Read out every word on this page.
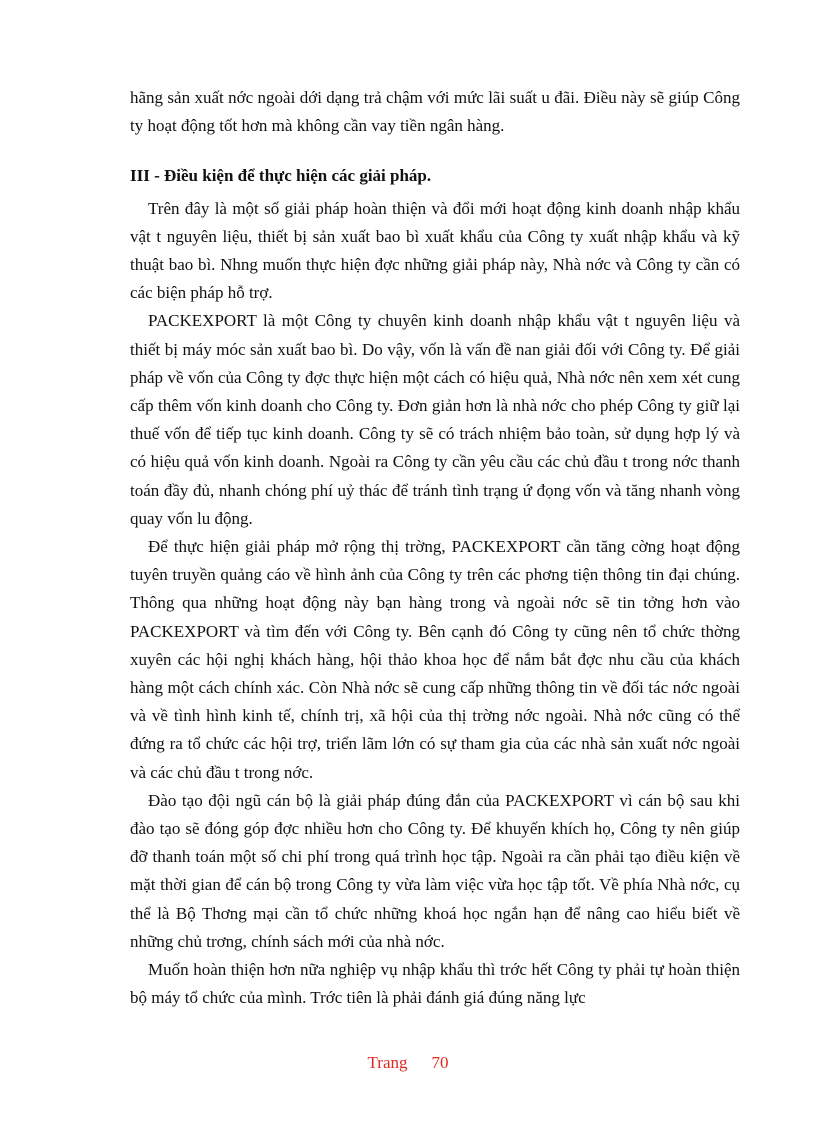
hãng sản xuất nớc ngoài dới dạng trả chậm với mức lãi suất u đãi. Điều này sẽ giúp Công ty hoạt động tốt hơn mà không cần vay tiền ngân hàng.

III - Điều kiện để thực hiện các giải pháp.

Trên đây là một số giải pháp hoàn thiện và đổi mới hoạt động kinh doanh nhập khẩu vật t nguyên liệu, thiết bị sản xuất bao bì xuất khẩu của Công ty xuất nhập khẩu và kỹ thuật bao bì. Nhng muốn thực hiện đợc những giải pháp này, Nhà nớc và Công ty cần có các biện pháp hỗ trợ.

PACKEXPORT là một Công ty chuyên kinh doanh nhập khẩu vật t nguyên liệu và thiết bị máy móc sản xuất bao bì. Do vậy, vốn là vấn đề nan giải đối với Công ty. Để giải pháp về vốn của Công ty đợc thực hiện một cách có hiệu quả, Nhà nớc nên xem xét cung cấp thêm vốn kinh doanh cho Công ty. Đơn giản hơn là nhà nớc cho phép Công ty giữ lại thuế vốn để tiếp tục kinh doanh. Công ty sẽ có trách nhiệm bảo toàn, sử dụng hợp lý và có hiệu quả vốn kinh doanh. Ngoài ra Công ty cần yêu cầu các chủ đầu t trong nớc thanh toán đầy đủ, nhanh chóng phí uỷ thác để tránh tình trạng ứ đọng vốn và tăng nhanh vòng quay vốn lu động.

Để thực hiện giải pháp mở rộng thị trờng, PACKEXPORT cần tăng cờng hoạt động tuyên truyền quảng cáo về hình ảnh của Công ty trên các phơng tiện thông tin đại chúng. Thông qua những hoạt động này bạn hàng trong và ngoài nớc sẽ tin tởng hơn vào PACKEXPORT và tìm đến với Công ty. Bên cạnh đó Công ty cũng nên tổ chức thờng xuyên các hội nghị khách hàng, hội thảo khoa học để nắm bắt đợc nhu cầu của khách hàng một cách chính xác. Còn Nhà nớc sẽ cung cấp những thông tin về đối tác nớc ngoài và về tình hình kinh tế, chính trị, xã hội của thị trờng nớc ngoài. Nhà nớc cũng có thể đứng ra tổ chức các hội trợ, triển lãm lớn có sự tham gia của các nhà sản xuất nớc ngoài và các chủ đầu t trong nớc.

Đào tạo đội ngũ cán bộ là giải pháp đúng đắn của PACKEXPORT vì cán bộ sau khi đào tạo sẽ đóng góp đợc nhiều hơn cho Công ty. Để khuyến khích họ, Công ty nên giúp đỡ thanh toán một số chi phí trong quá trình học tập. Ngoài ra cần phải tạo điều kiện về mặt thời gian để cán bộ trong Công ty vừa làm việc vừa học tập tốt. Về phía Nhà nớc, cụ thể là Bộ Thơng mại cần tổ chức những khoá học ngắn hạn để nâng cao hiểu biết về những chủ trơng, chính sách mới của nhà nớc.

Muốn hoàn thiện hơn nữa nghiệp vụ nhập khẩu thì trớc hết Công ty phải tự hoàn thiện bộ máy tổ chức của mình. Trớc tiên là phải đánh giá đúng năng lực

Trang 70
